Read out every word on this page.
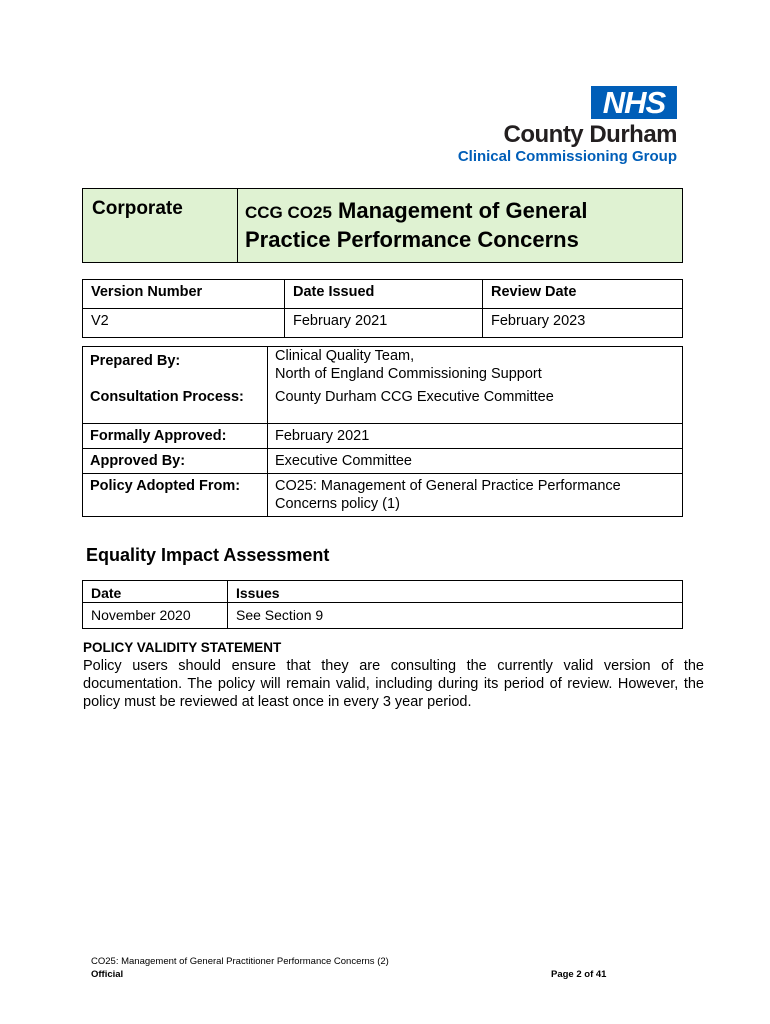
NHS
County Durham
Clinical Commissioning Group
Corporate	CCG CO25 Management of General
Practice Performance Concerns
Version Number	Date Issued	Review Date
V2	February 2021	February 2023
Prepared By:	Clinical Quality Team,
North of England Commissioning Support

Consultation Process:	County Durham CCG Executive Committee
Formally Approved:	February 2021
Approved By:	Executive Committee
Policy Adopted From:	CO25: Management of General Practice Performance Concerns policy (1)
Equality Impact Assessment
Date	Issues
November 2020	See Section 9
POLICY VALIDITY STATEMENT
Policy users should ensure that they are consulting the currently valid version of the documentation. The policy will remain valid, including during its period of review. However, the policy must be reviewed at least once in every 3 year period.
CO25: Management of General Practitioner Performance Concerns (2)
Official	Page 2 of 41
